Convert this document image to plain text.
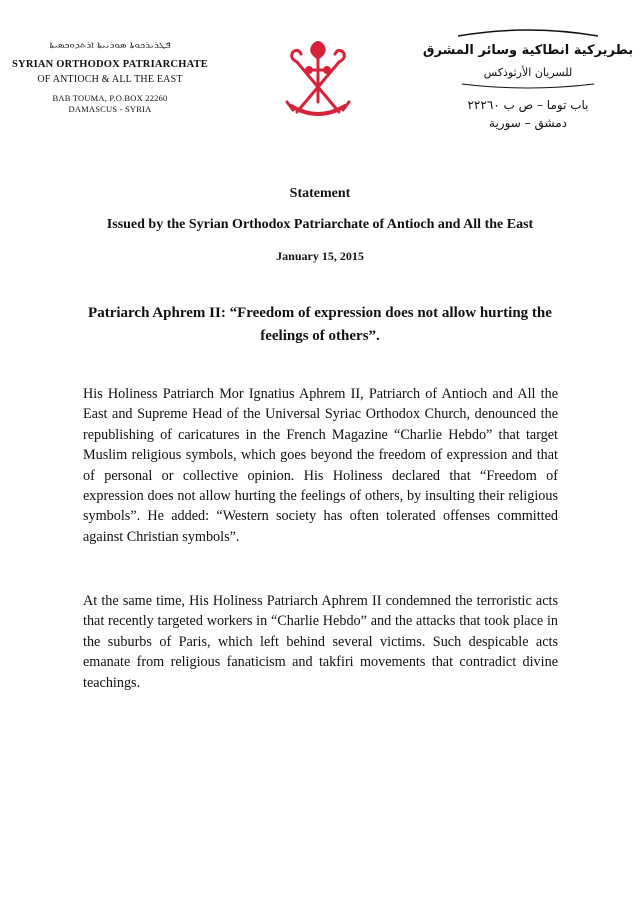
ܦܛܪܝܪܟܘܬܐ ܣܘܪܝܝܬܐ ܐܪܬܕܘܟܣܝܬܐ
SYRIAN ORTHODOX PATRIARCHATE
OF ANTIOCH & ALL THE EAST
BAB TOUMA, P.O.BOX 22260
DAMASCUS - SYRIA
بطريركية انطاكية وسائر المشرق
للسريان الأرثوذكس
باب توما – ص ب ٢٢٢٦٠
دمشق – سورية
Statement
Issued by the Syrian Orthodox Patriarchate of Antioch and All the East
January 15, 2015
Patriarch Aphrem II: “Freedom of expression does not allow hurting the feelings of others”.
His Holiness Patriarch Mor Ignatius Aphrem II, Patriarch of Antioch and All the East and Supreme Head of the Universal Syriac Orthodox Church, denounced the republishing of caricatures in the French Magazine “Charlie Hebdo” that target Muslim religious symbols, which goes beyond the freedom of expression and that of personal or collective opinion. His Holiness declared that “Freedom of expression does not allow hurting the feelings of others, by insulting their religious symbols”. He added: “Western society has often tolerated offenses committed against Christian symbols”.
At the same time, His Holiness Patriarch Aphrem II condemned the terroristic acts that recently targeted workers in “Charlie Hebdo” and the attacks that took place in the suburbs of Paris, which left behind several victims. Such despicable acts emanate from religious fanaticism and takfiri movements that contradict divine teachings.
